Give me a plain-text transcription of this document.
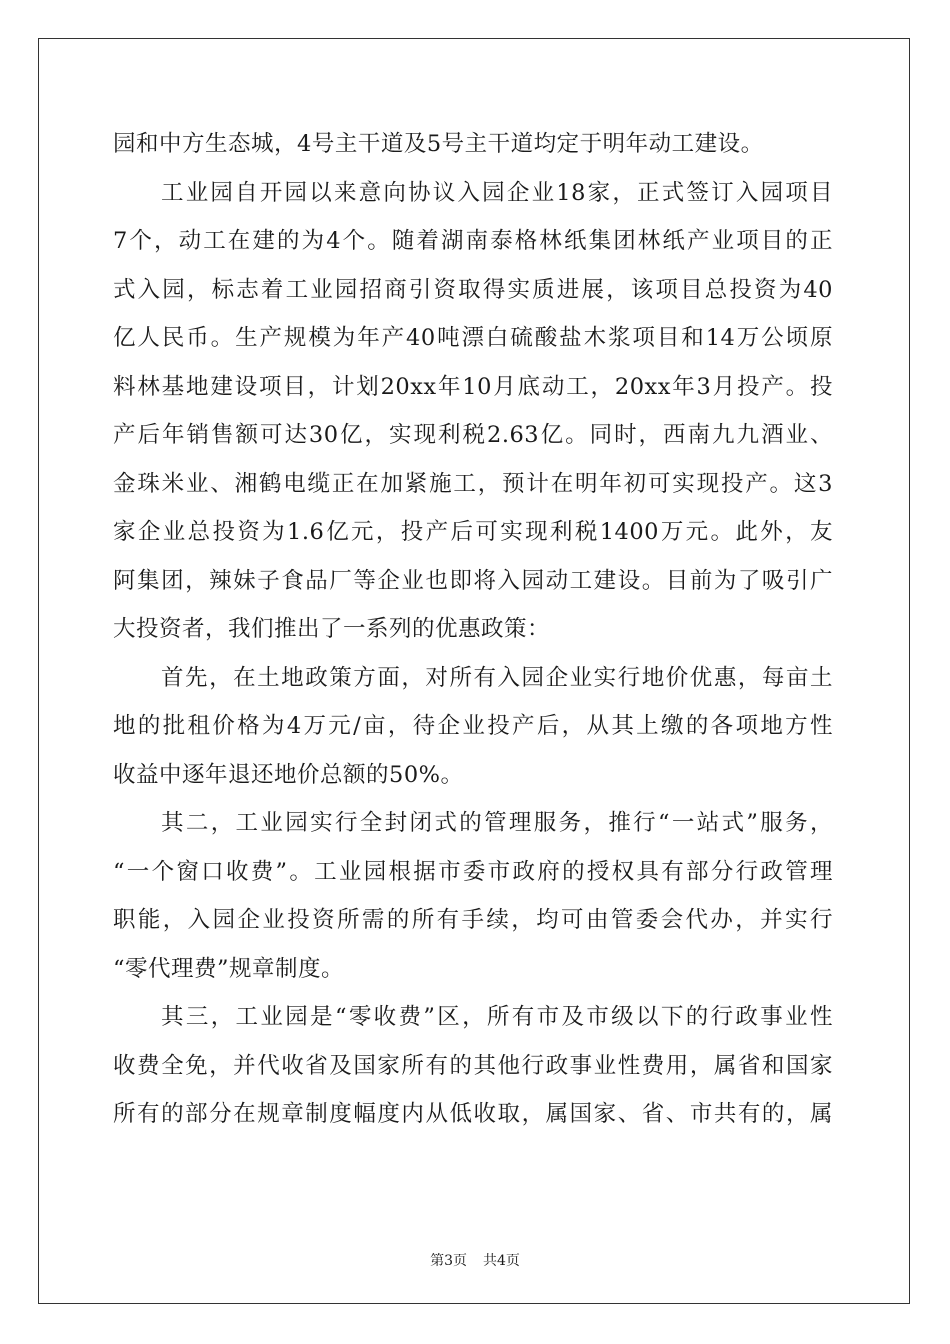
园和中方生态城，4号主干道及5号主干道均定于明年动工建设。
工业园自开园以来意向协议入园企业18家，正式签订入园项目
7个，动工在建的为4个。随着湖南泰格林纸集团林纸产业项目的正
式入园，标志着工业园招商引资取得实质进展，该项目总投资为40
亿人民币。生产规模为年产40吨漂白硫酸盐木浆项目和14万公顷原
料林基地建设项目，计划20xx年10月底动工，20xx年3月投产。投
产后年销售额可达30亿，实现利税2.63亿。同时，西南九九酒业、
金珠米业、湘鹤电缆正在加紧施工，预计在明年初可实现投产。这3
家企业总投资为1.6亿元，投产后可实现利税1400万元。此外，友
阿集团，辣妹子食品厂等企业也即将入园动工建设。目前为了吸引广
大投资者，我们推出了一系列的优惠政策：
首先，在土地政策方面，对所有入园企业实行地价优惠，每亩土
地的批租价格为4万元/亩，待企业投产后，从其上缴的各项地方性
收益中逐年退还地价总额的50%。
其二，工业园实行全封闭式的管理服务，推行“一站式”服务，
“一个窗口收费”。工业园根据市委市政府的授权具有部分行政管理
职能，入园企业投资所需的所有手续，均可由管委会代办，并实行
“零代理费”规章制度。
其三，工业园是“零收费”区，所有市及市级以下的行政事业性
收费全免，并代收省及国家所有的其他行政事业性费用，属省和国家
所有的部分在规章制度幅度内从低收取，属国家、省、市共有的，属
第3页 共4页
